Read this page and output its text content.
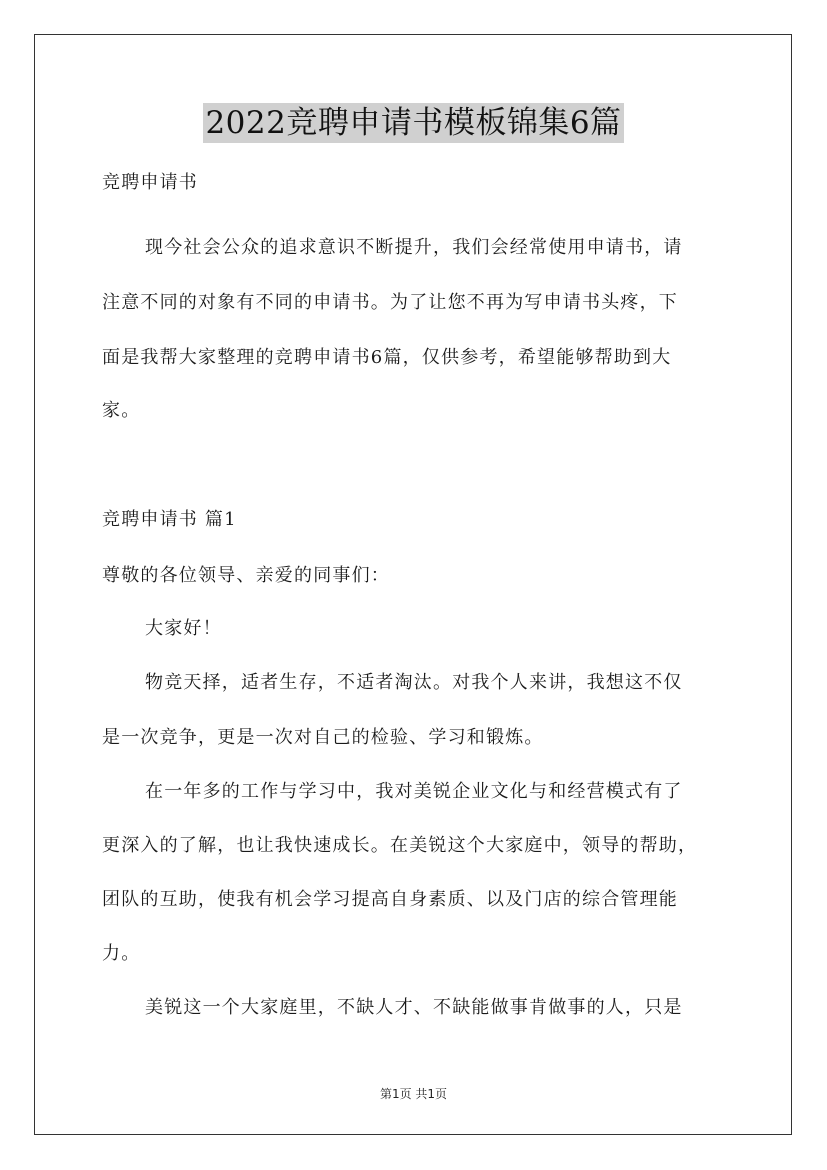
2022竞聘申请书模板锦集6篇
竞聘申请书
现今社会公众的追求意识不断提升，我们会经常使用申请书，请
注意不同的对象有不同的申请书。为了让您不再为写申请书头疼，下
面是我帮大家整理的竞聘申请书6篇，仅供参考，希望能够帮助到大
家。
竞聘申请书 篇1
尊敬的各位领导、亲爱的同事们：
大家好！
物竞天择，适者生存，不适者淘汰。对我个人来讲，我想这不仅
是一次竞争，更是一次对自己的检验、学习和锻炼。
在一年多的工作与学习中，我对美锐企业文化与和经营模式有了
更深入的了解，也让我快速成长。在美锐这个大家庭中，领导的帮助，
团队的互助，使我有机会学习提高自身素质、以及门店的综合管理能
力。
美锐这一个大家庭里，不缺人才、不缺能做事肯做事的人，只是
第1页 共1页
